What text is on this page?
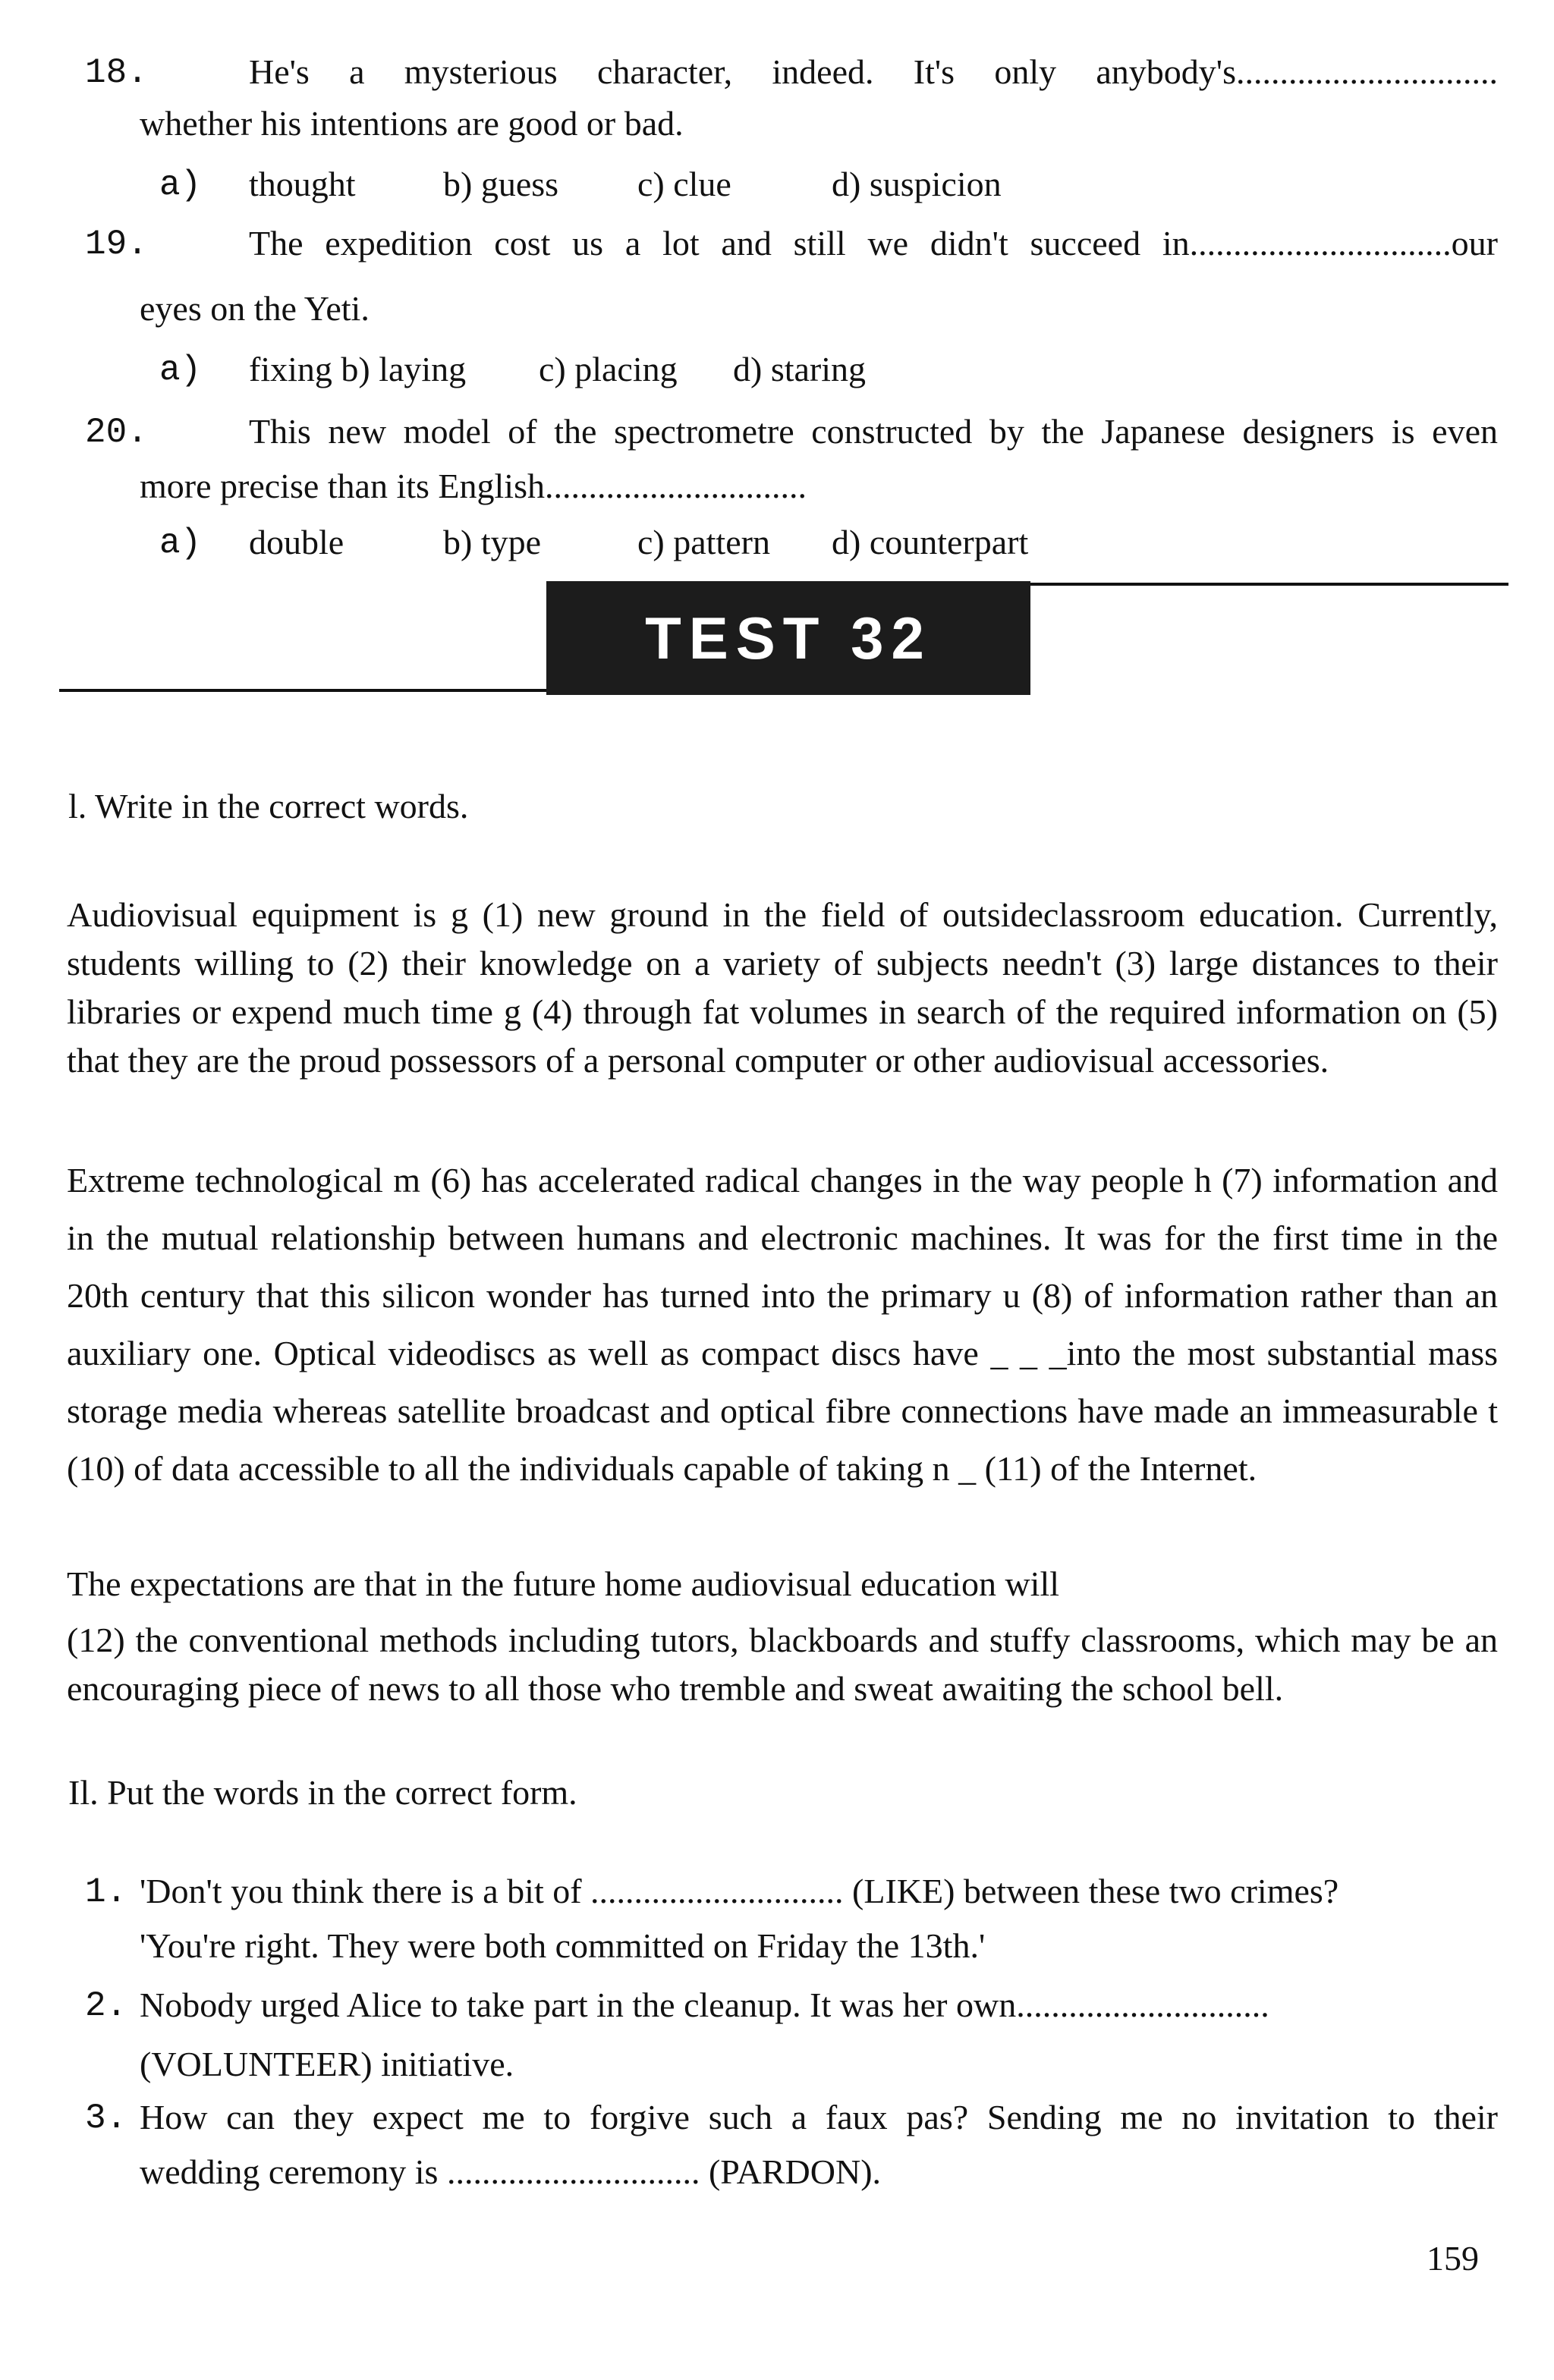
18.	He's a mysterious character, indeed. It's only anybody's..............................
whether his intentions are good or bad.
a) thought	b) guess c) clue	d) suspicion
19.	The expedition cost us a lot and still we didn't succeed in..............................our
eyes on the Yeti.
a) fixing b) laying c) placing d) staring
20.	This new model of the spectrometre constructed by the Japanese designers is even
more precise than its English..............................
a) double	b) type	c) pattern d) counterpart
TEST 32
l. Write in the correct words.
Audiovisual equipment is g (1) new ground in the field of outsideclassroom education. Currently, students willing to (2) their knowledge on a variety of subjects needn't (3) large distances to their libraries or expend much time g (4) through fat volumes in search of the required information on (5) that they are the proud possessors of a personal computer or other audiovisual accessories.
Extreme technological m (6) has accelerated radical changes in the way people h (7) information and in the mutual relationship between humans and electronic machines. It was for the first time in the 20th century that this silicon wonder has turned into the primary u (8) of information rather than an auxiliary one. Optical videodiscs as well as compact discs have _ _ _into the most substantial mass storage media whereas satellite broadcast and optical fibre connections have made an immeasurable t (10) of data accessible to all the individuals capable of taking n _ (11) of the Internet.
The expectations are that in the future home audiovisual education will
(12) the conventional methods including tutors, blackboards and stuffy classrooms, which may be an encouraging piece of news to all those who tremble and sweat awaiting the school bell.
Il. Put the words in the correct form.
1. 'Don't you think there is a bit of ............................. (LIKE) between these two crimes?
'You're right. They were both committed on Friday the 13th.'
2. Nobody urged Alice to take part in the cleanup. It was her own.............................
(VOLUNTEER) initiative.
3. How can they expect me to forgive such a faux pas? Sending me no invitation to their
wedding ceremony is ............................. (PARDON).
159
